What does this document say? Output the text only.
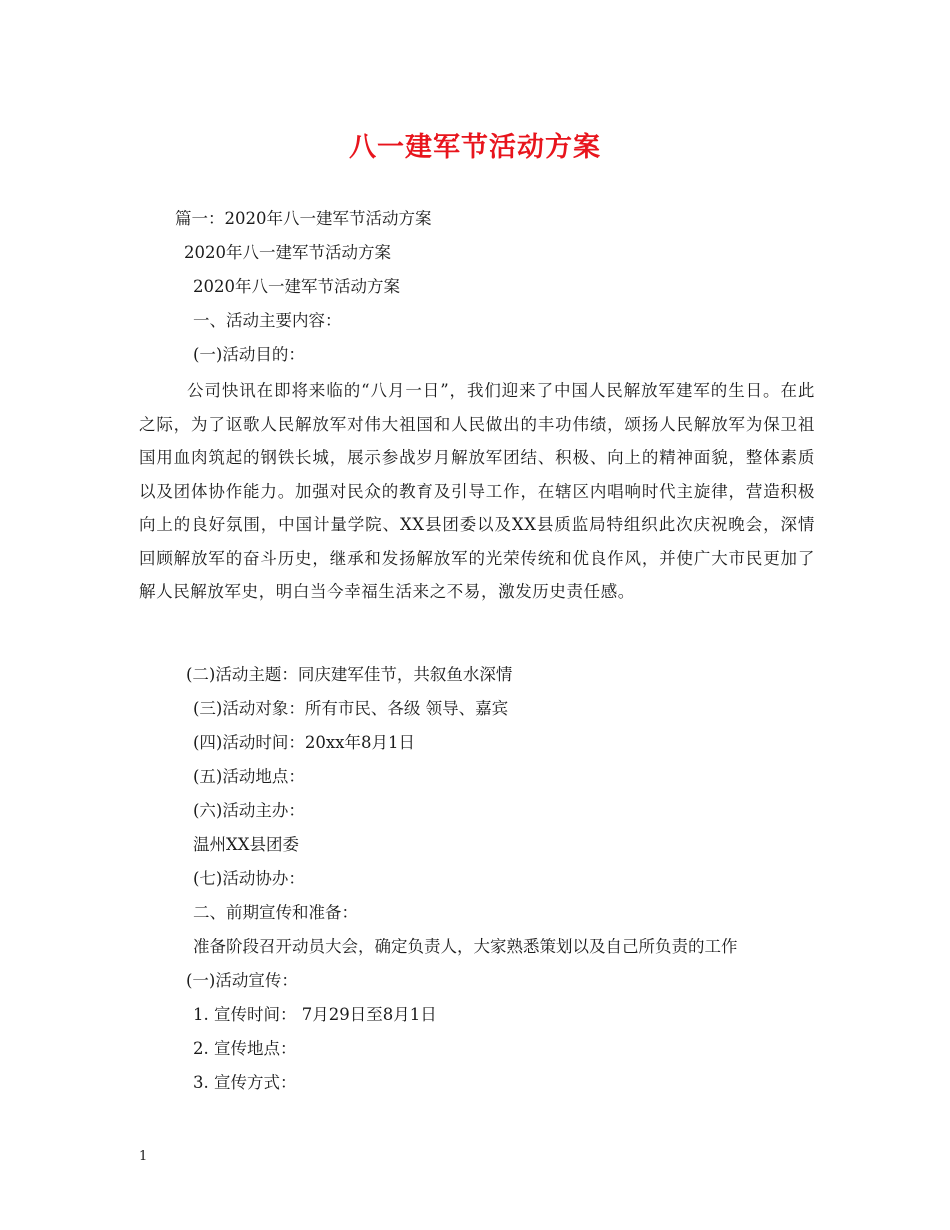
八一建军节活动方案
篇一：2020年八一建军节活动方案
2020年八一建军节活动方案
2020年八一建军节活动方案
一、活动主要内容：
(一)活动目的：
公司快讯在即将来临的“八月一日”，我们迎来了中国人民解放军建军的生日。在此之际，为了讴歌人民解放军对伟大祖国和人民做出的丰功伟绩，颂扬人民解放军为保卫祖国用血肉筑起的钢铁长城，展示参战岁月解放军团结、积极、向上的精神面貌，整体素质以及团体协作能力。加强对民众的教育及引导工作，在辖区内唱响时代主旋律，营造积极向上的良好氛围，中国计量学院、XX县团委以及XX县质监局特组织此次庆祝晚会，深情回顾解放军的奋斗历史，继承和发扬解放军的光荣传统和优良作风，并使广大市民更加了解人民解放军史，明白当今幸福生活来之不易，激发历史责任感。
(二)活动主题：同庆建军佳节，共叙鱼水深情
(三)活动对象：所有市民、各级 领导、嘉宾
(四)活动时间：20xx年8月1日
(五)活动地点：
(六)活动主办：
温州XX县团委
(七)活动协办：
二、前期宣传和准备：
准备阶段召开动员大会，确定负责人，大家熟悉策划以及自己所负责的工作
(一)活动宣传：
1. 宣传时间： 7月29日至8月1日
2. 宣传地点：
3. 宣传方式：
1
